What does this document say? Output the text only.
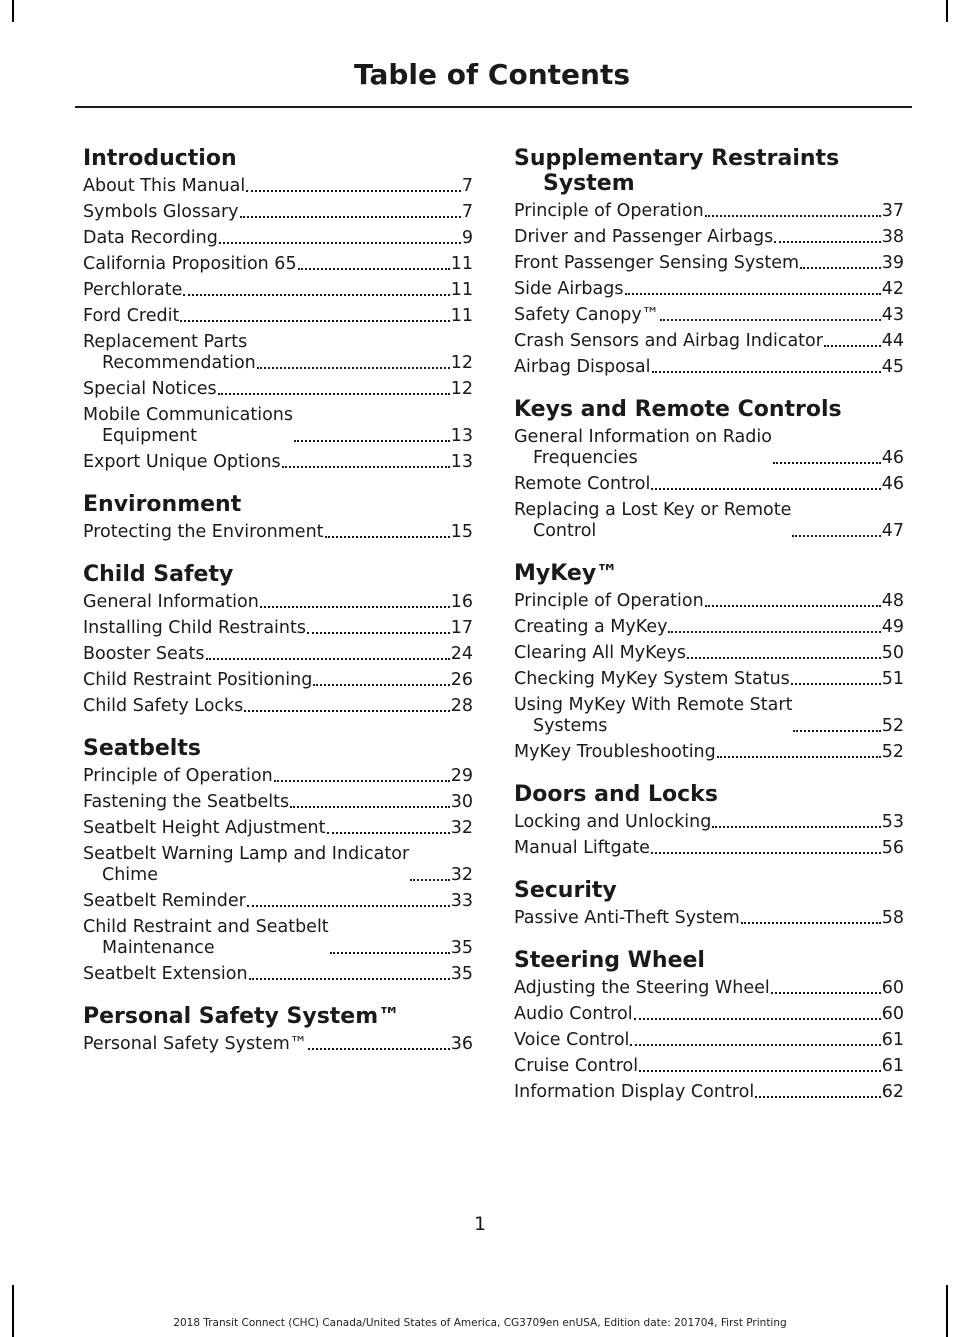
Table of Contents
Introduction
About This Manual	7
Symbols Glossary	7
Data Recording	9
California Proposition 65	11
Perchlorate	11
Ford Credit	11
Replacement Parts
Recommendation	12
Special Notices	12
Mobile Communications
Equipment	13
Export Unique Options	13
Environment
Protecting the Environment	15
Child Safety
General Information	16
Installing Child Restraints	17
Booster Seats	24
Child Restraint Positioning	26
Child Safety Locks	28
Seatbelts
Principle of Operation	29
Fastening the Seatbelts	30
Seatbelt Height Adjustment	32
Seatbelt Warning Lamp and Indicator
Chime	32
Seatbelt Reminder	33
Child Restraint and Seatbelt
Maintenance	35
Seatbelt Extension	35
Personal Safety System™
Personal Safety System™	36
Supplementary Restraints System
Principle of Operation	37
Driver and Passenger Airbags	38
Front Passenger Sensing System	39
Side Airbags	42
Safety Canopy™	43
Crash Sensors and Airbag Indicator	44
Airbag Disposal	45
Keys and Remote Controls
General Information on Radio
Frequencies	46
Remote Control	46
Replacing a Lost Key or Remote
Control	47
MyKey™
Principle of Operation	48
Creating a MyKey	49
Clearing All MyKeys	50
Checking MyKey System Status	51
Using MyKey With Remote Start
Systems	52
MyKey Troubleshooting	52
Doors and Locks
Locking and Unlocking	53
Manual Liftgate	56
Security
Passive Anti-Theft System	58
Steering Wheel
Adjusting the Steering Wheel	60
Audio Control	60
Voice Control	61
Cruise Control	61
Information Display Control	62
1
2018 Transit Connect (CHC) Canada/United States of America, CG3709en enUSA, Edition date: 201704, First Printing
